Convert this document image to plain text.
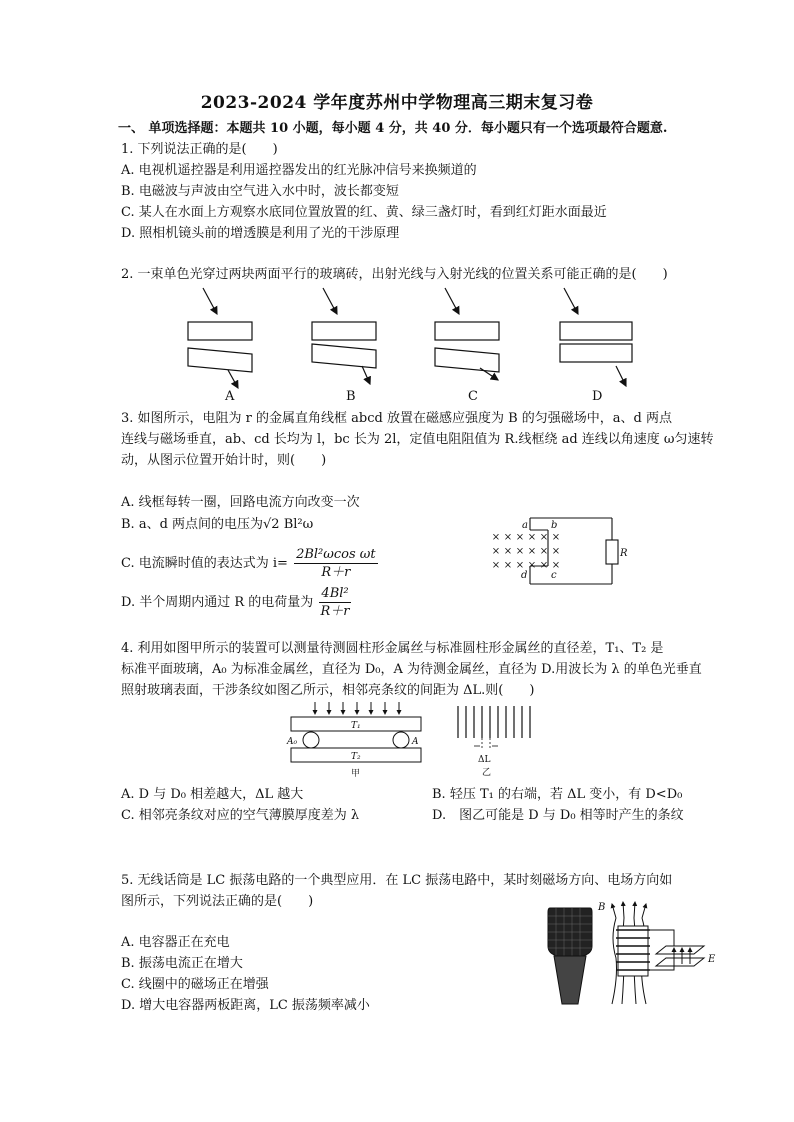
2023-2024 学年度苏州中学物理高三期末复习卷
一、 单项选择题：本题共 10 小题，每小题 4 分，共 40 分．每小题只有一个选项最符合题意.
1. 下列说法正确的是(　　)
A. 电视机遥控器是利用遥控器发出的红光脉冲信号来换频道的
B. 电磁波与声波由空气进入水中时，波长都变短
C. 某人在水面上方观察水底同位置放置的红、黄、绿三盏灯时，看到红灯距水面最近
D. 照相机镜头前的增透膜是利用了光的干涉原理
2. 一束单色光穿过两块两面平行的玻璃砖，出射光线与入射光线的位置关系可能正确的是(　　)
A	B	C	D
3. 如图所示，电阻为 r 的金属直角线框 abcd 放置在磁感应强度为 B 的匀强磁场中，a、d 两点
连线与磁场垂直，ab、cd 长均为 l，bc 长为 2l，定值电阻阻值为 R.线框绕 ad 连线以角速度 ω匀速转
动，从图示位置开始计时，则(　　)
A. 线框每转一圈，回路电流方向改变一次
B. a、d 两点间的电压为√2 Bl²ω
C. 电流瞬时值的表达式为 $i= \frac{\text{2Bl²ωcos ωt}}{R+r}$
D. 半个周期内通过 R 的电荷量为 $\frac{\text{4Bl²}}{R+r}$
× × × × × ×
× × × × × ×
× × × × × ×
a b
c
d
R
4. 利用如图甲所示的装置可以测量待测圆柱形金属丝与标准圆柱形金属丝的直径差，T₁、T₂ 是
标准平面玻璃，A₀ 为标准金属丝，直径为 D₀，A 为待测金属丝，直径为 D.用波长为 λ 的单色光垂直
照射玻璃表面，干涉条纹如图乙所示，相邻亮条纹的间距为 ΔL.则(　　)
T₁
T₂
A₀	A
甲
ΔL
乙
A. D 与 D₀ 相差越大，ΔL 越大	B. 轻压 T₁ 的右端，若 ΔL 变小，有 D<D₀
C. 相邻亮条纹对应的空气薄膜厚度差为 λ	D.　图乙可能是 D 与 D₀ 相等时产生的条纹
5. 无线话筒是 LC 振荡电路的一个典型应用．在 LC 振荡电路中，某时刻磁场方向、电场方向如
图所示，下列说法正确的是(　　)
A. 电容器正在充电
B. 振荡电流正在增大
C. 线圈中的磁场正在增强
D. 增大电容器两板距离，LC 振荡频率减小
B
E
